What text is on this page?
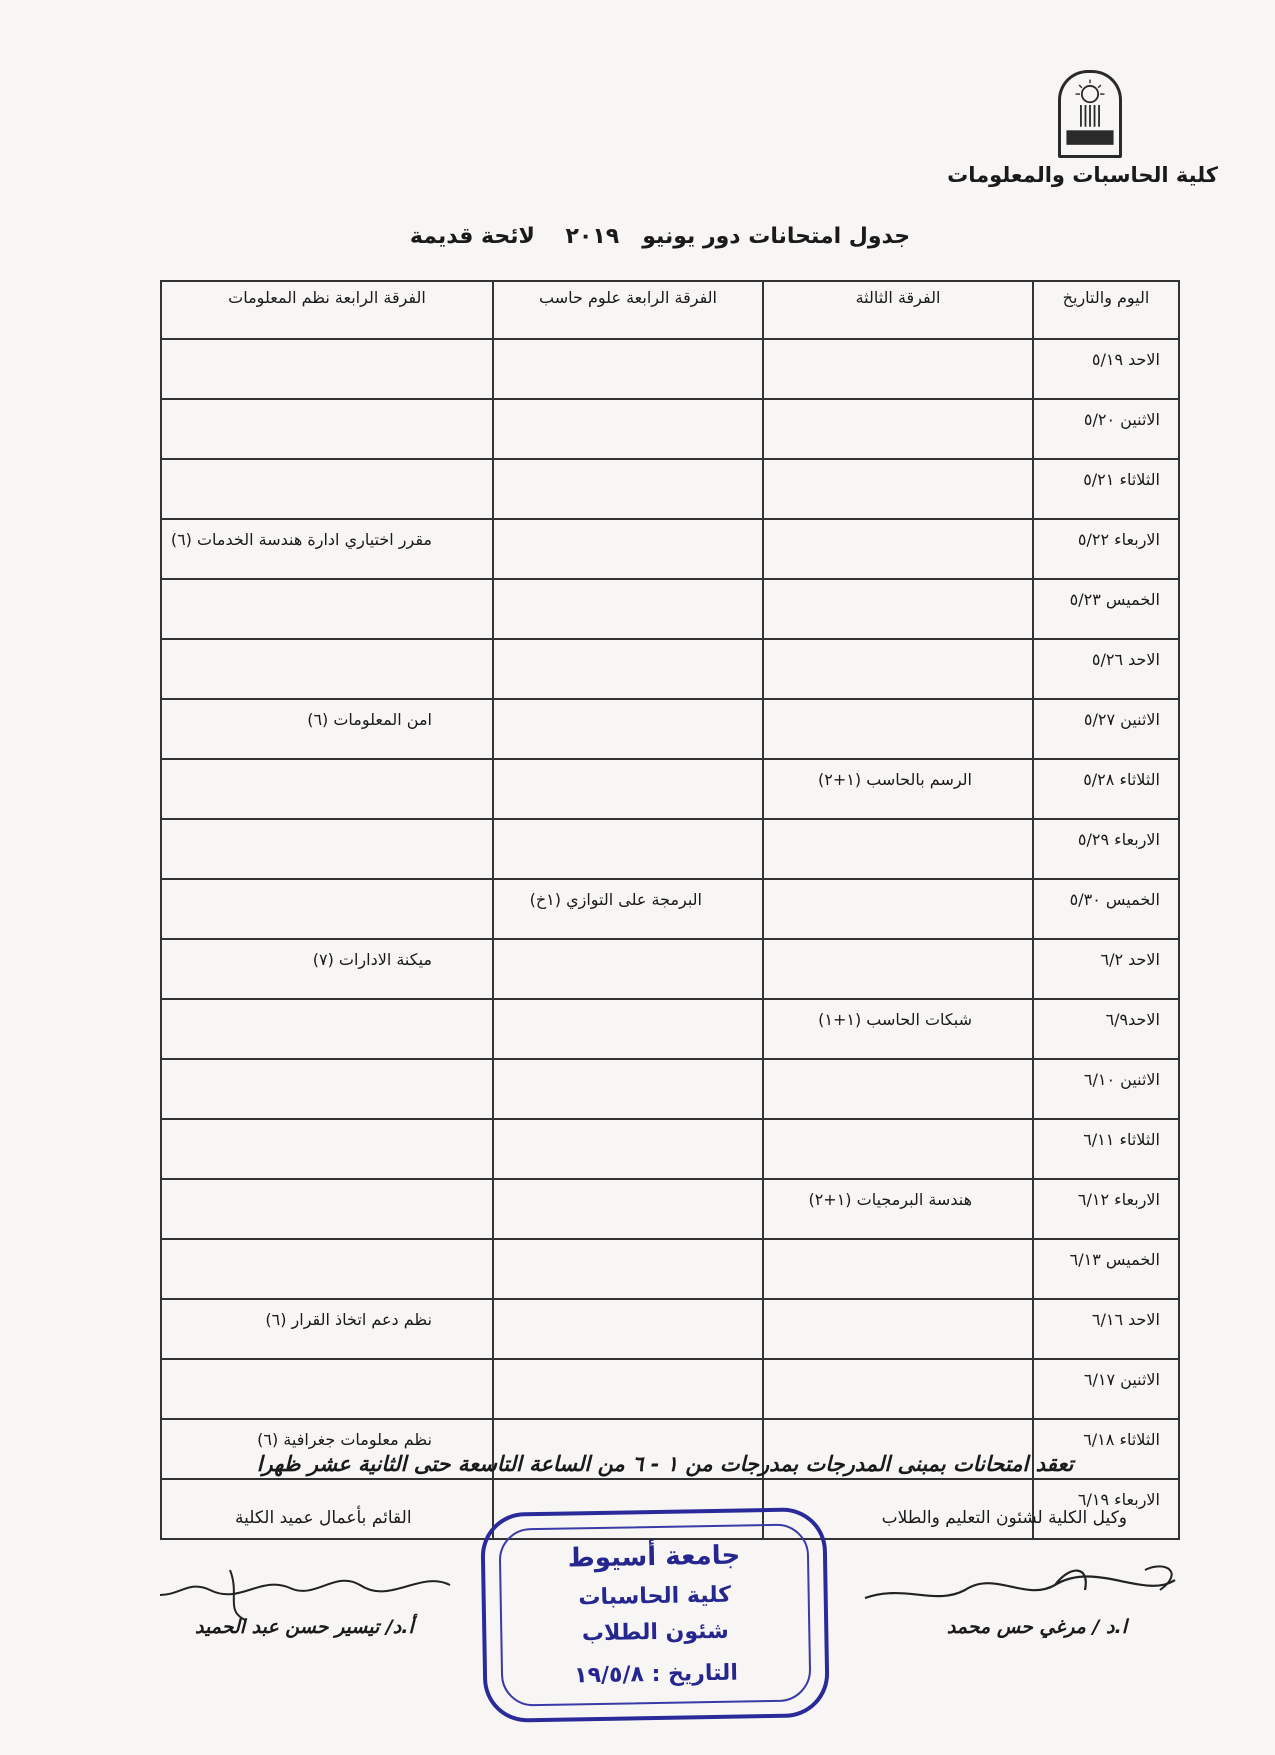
كلية الحاسبات والمعلومات
جدول امتحانات دور يونيو   ٢٠١٩    لائحة قديمة
اليوم والتاريخ	الفرقة الثالثة	الفرقة الرابعة علوم حاسب	الفرقة الرابعة نظم المعلومات
الاحد ٥/١٩			
الاثنين ٥/٢٠			
الثلاثاء ٥/٢١			
الاربعاء ٥/٢٢			مقرر اختياري ادارة هندسة الخدمات (٦)
الخميس ٥/٢٣			
الاحد ٥/٢٦			
الاثنين ٥/٢٧			امن المعلومات (٦)
الثلاثاء ٥/٢٨	الرسم بالحاسب (١+٢)		
الاربعاء ٥/٢٩			
الخميس ٥/٣٠		البرمجة على التوازي (١خ)	
الاحد ٦/٢			ميكنة الادارات (٧)
الاحد٦/٩	شبكات الحاسب (١+١)		
الاثنين ٦/١٠			
الثلاثاء ٦/١١			
الاربعاء ٦/١٢	هندسة البرمجيات (١+٢)		
الخميس ٦/١٣			
الاحد ٦/١٦			نظم دعم اتخاذ القرار (٦)
الاثنين ٦/١٧			
الثلاثاء ٦/١٨			نظم معلومات جغرافية (٦)
الاربعاء ٦/١٩			
تعقد امتحانات بمبنى المدرجات بمدرجات من ١ - ٦ من الساعة التاسعة حتى الثانية عشر ظهرا
وكيل الكلية لشئون التعليم والطلاب
القائم بأعمال عميد الكلية
ا.د / مرغي حس محمد
أ.د/ تيسير حسن عبد الحميد
جامعة أسيوط
كلية الحاسبات
شئون الطلاب
التاريخ : ١٩/٥/٨
